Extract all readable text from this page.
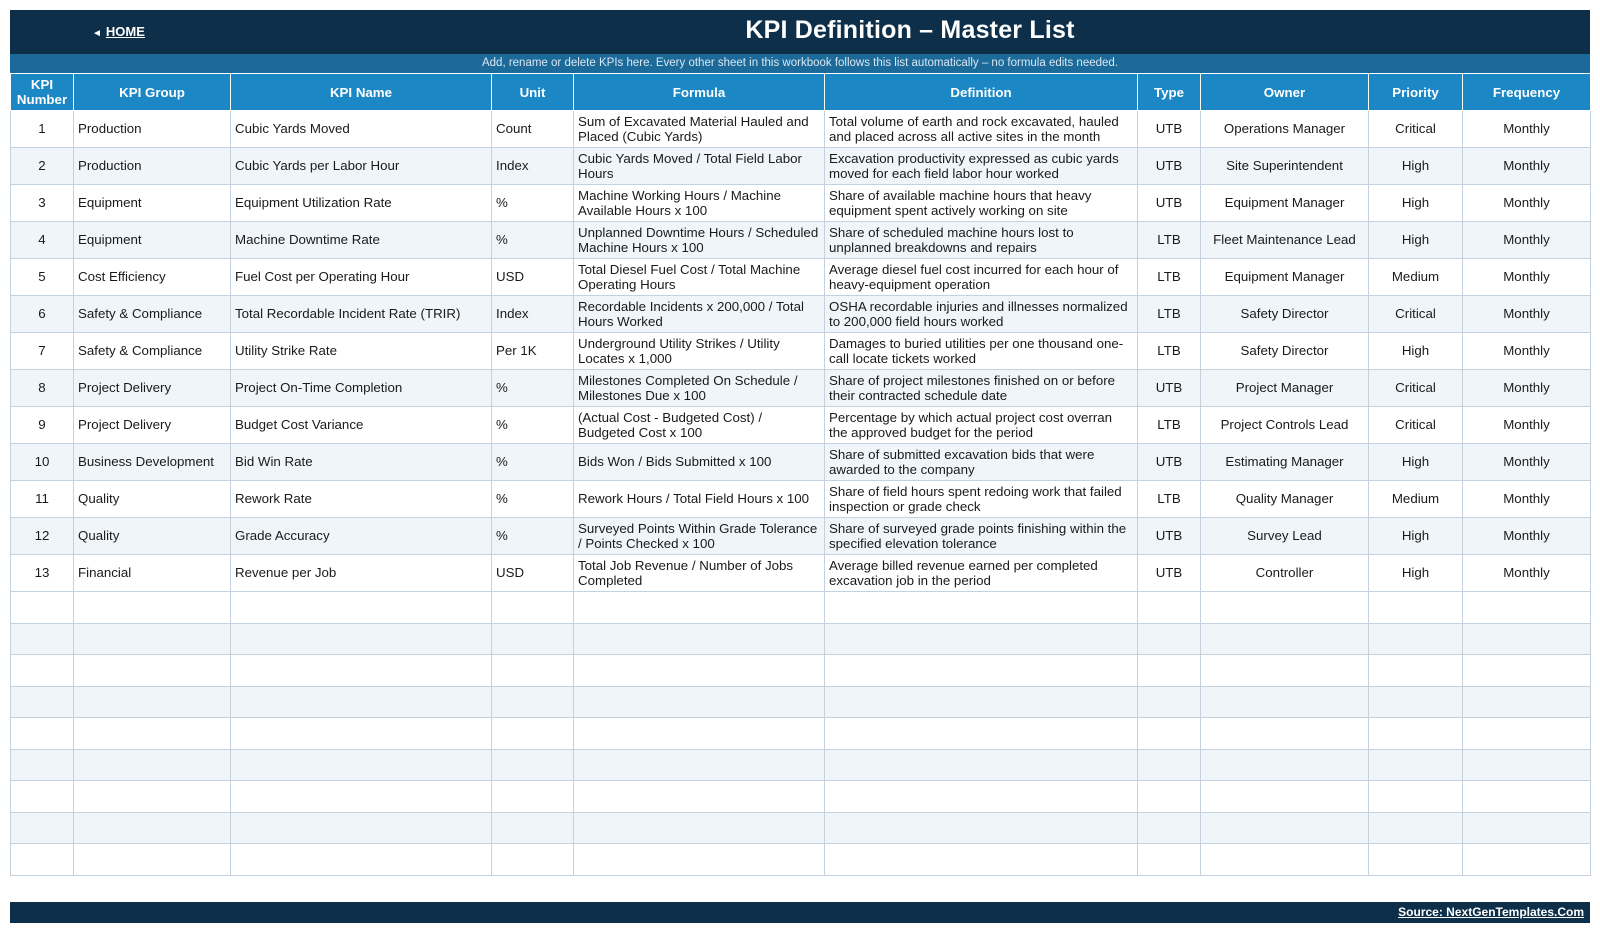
◄ HOME	KPI Definition – Master List
Add, rename or delete KPIs here. Every other sheet in this workbook follows this list automatically – no formula edits needed.
KPI Number	KPI Group	KPI Name	Unit	Formula	Definition	Type	Owner	Priority	Frequency
1	Production	Cubic Yards Moved	Count	Sum of Excavated Material Hauled and Placed (Cubic Yards)	Total volume of earth and rock excavated, hauled and placed across all active sites in the month	UTB	Operations Manager	Critical	Monthly
2	Production	Cubic Yards per Labor Hour	Index	Cubic Yards Moved / Total Field Labor Hours	Excavation productivity expressed as cubic yards moved for each field labor hour worked	UTB	Site Superintendent	High	Monthly
3	Equipment	Equipment Utilization Rate	%	Machine Working Hours / Machine Available Hours x 100	Share of available machine hours that heavy equipment spent actively working on site	UTB	Equipment Manager	High	Monthly
4	Equipment	Machine Downtime Rate	%	Unplanned Downtime Hours / Scheduled Machine Hours x 100	Share of scheduled machine hours lost to unplanned breakdowns and repairs	LTB	Fleet Maintenance Lead	High	Monthly
5	Cost Efficiency	Fuel Cost per Operating Hour	USD	Total Diesel Fuel Cost / Total Machine Operating Hours	Average diesel fuel cost incurred for each hour of heavy-equipment operation	LTB	Equipment Manager	Medium	Monthly
6	Safety & Compliance	Total Recordable Incident Rate (TRIR)	Index	Recordable Incidents x 200,000 / Total Hours Worked	OSHA recordable injuries and illnesses normalized to 200,000 field hours worked	LTB	Safety Director	Critical	Monthly
7	Safety & Compliance	Utility Strike Rate	Per 1K	Underground Utility Strikes / Utility Locates x 1,000	Damages to buried utilities per one thousand one-call locate tickets worked	LTB	Safety Director	High	Monthly
8	Project Delivery	Project On-Time Completion	%	Milestones Completed On Schedule / Milestones Due x 100	Share of project milestones finished on or before their contracted schedule date	UTB	Project Manager	Critical	Monthly
9	Project Delivery	Budget Cost Variance	%	(Actual Cost - Budgeted Cost) / Budgeted Cost x 100	Percentage by which actual project cost overran the approved budget for the period	LTB	Project Controls Lead	Critical	Monthly
10	Business Development	Bid Win Rate	%	Bids Won / Bids Submitted x 100	Share of submitted excavation bids that were awarded to the company	UTB	Estimating Manager	High	Monthly
11	Quality	Rework Rate	%	Rework Hours / Total Field Hours x 100	Share of field hours spent redoing work that failed inspection or grade check	LTB	Quality Manager	Medium	Monthly
12	Quality	Grade Accuracy	%	Surveyed Points Within Grade Tolerance / Points Checked x 100	Share of surveyed grade points finishing within the specified elevation tolerance	UTB	Survey Lead	High	Monthly
13	Financial	Revenue per Job	USD	Total Job Revenue / Number of Jobs Completed	Average billed revenue earned per completed excavation job in the period	UTB	Controller	High	Monthly

Source: NextGenTemplates.Com
